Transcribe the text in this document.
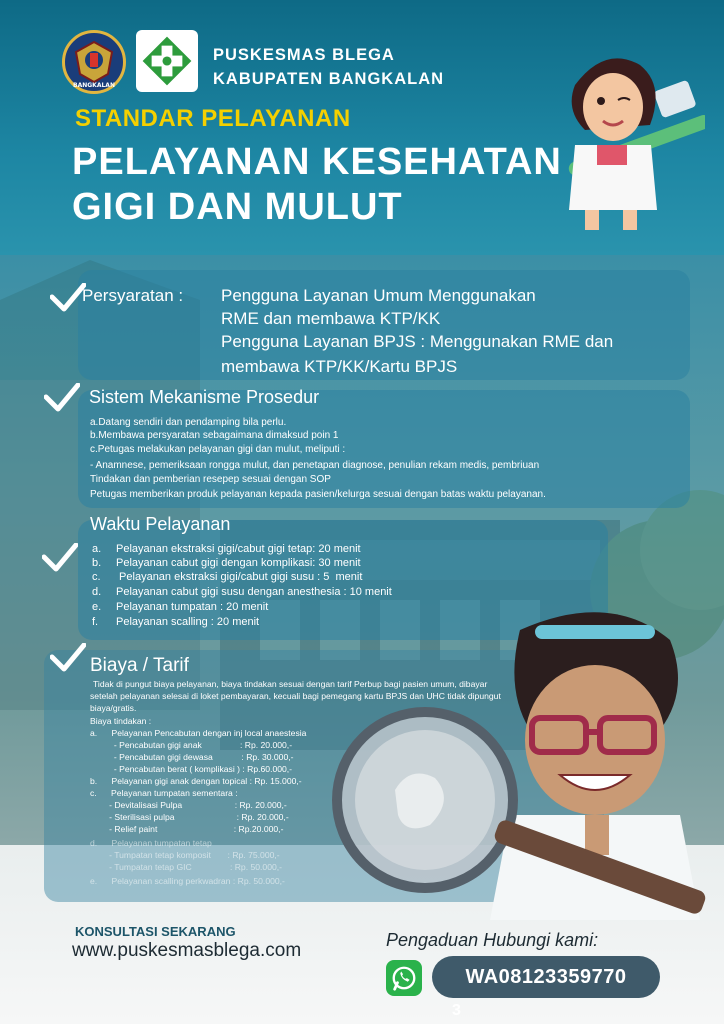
BANGKALAN
PUSKESMAS BLEGA
KABUPATEN BANGKALAN
STANDAR PELAYANAN
PELAYANAN KESEHATAN
GIGI DAN MULUT
Persyaratan : Pengguna Layanan Umum Menggunakan
RME dan membawa KTP/KK
Pengguna Layanan BPJS : Menggunakan RME dan
membawa KTP/KK/Kartu BPJS
Sistem Mekanisme Prosedur
a.Datang sendiri dan pendamping bila perlu.
b.Membawa persyaratan sebagaimana dimaksud poin 1
c.Petugas melakukan pelayanan gigi dan mulut, meliputi :
- Anamnese, pemeriksaan rongga mulut, dan penetapan diagnose, penulian rekam medis, pembriuan
Tindakan dan pemberian resepep sesuai dengan SOP
Petugas memberikan produk pelayanan kepada pasien/kelurga sesuai dengan batas waktu pelayanan.
Waktu Pelayanan
a.	Pelayanan ekstraksi gigi/cabut gigi tetap: 20 menit
b.	Pelayanan cabut gigi dengan komplikasi: 30 menit
c.	Pelayanan ekstraksi gigi/cabut gigi susu : 5  menit
d.	Pelayanan cabut gigi susu dengan anesthesia : 10 menit
e.	Pelayanan tumpatan : 20 menit
f.	Pelayanan scalling : 20 menit
Biaya / Tarif
Tidak di pungut biaya pelayanan, biaya tindakan sesuai dengan tarif Perbup bagi pasien umum, dibayar
setelah pelayanan selesai di loket pembayaran, kecuali bagi pemegang kartu BPJS dan UHC tidak dipungut
biaya/gratis.
Biaya tindakan :
a.      Pelayanan Pencabutan dengan inj local anaestesia
- Pencabutan gigi anak                : Rp. 20.000,-
- Pencabutan gigi dewasa            : Rp. 30.000,-
- Pencabutan berat ( komplikasi ) : Rp.60.000,-
b.      Pelayanan gigi anak dengan topical : Rp. 15.000,-
c.      Pelayanan tumpatan sementara :
- Devitalisasi Pulpa                      : Rp. 20.000,-
- Sterilisasi pulpa                          : Rp. 20.000,-
- Relief paint                                : Rp.20.000,-
d.      Pelayanan tumpatan tetap
- Tumpatan tetap komposit       : Rp. 75.000,-
- Tumpatan tetap GIC                : Rp. 50.000,-
e.      Pelayanan scalling perkwadran : Rp. 50.000,-
KONSULTASI SEKARANG
www.puskesmasblega.com	Pengaduan Hubungi kami:
WA08123359770
3
